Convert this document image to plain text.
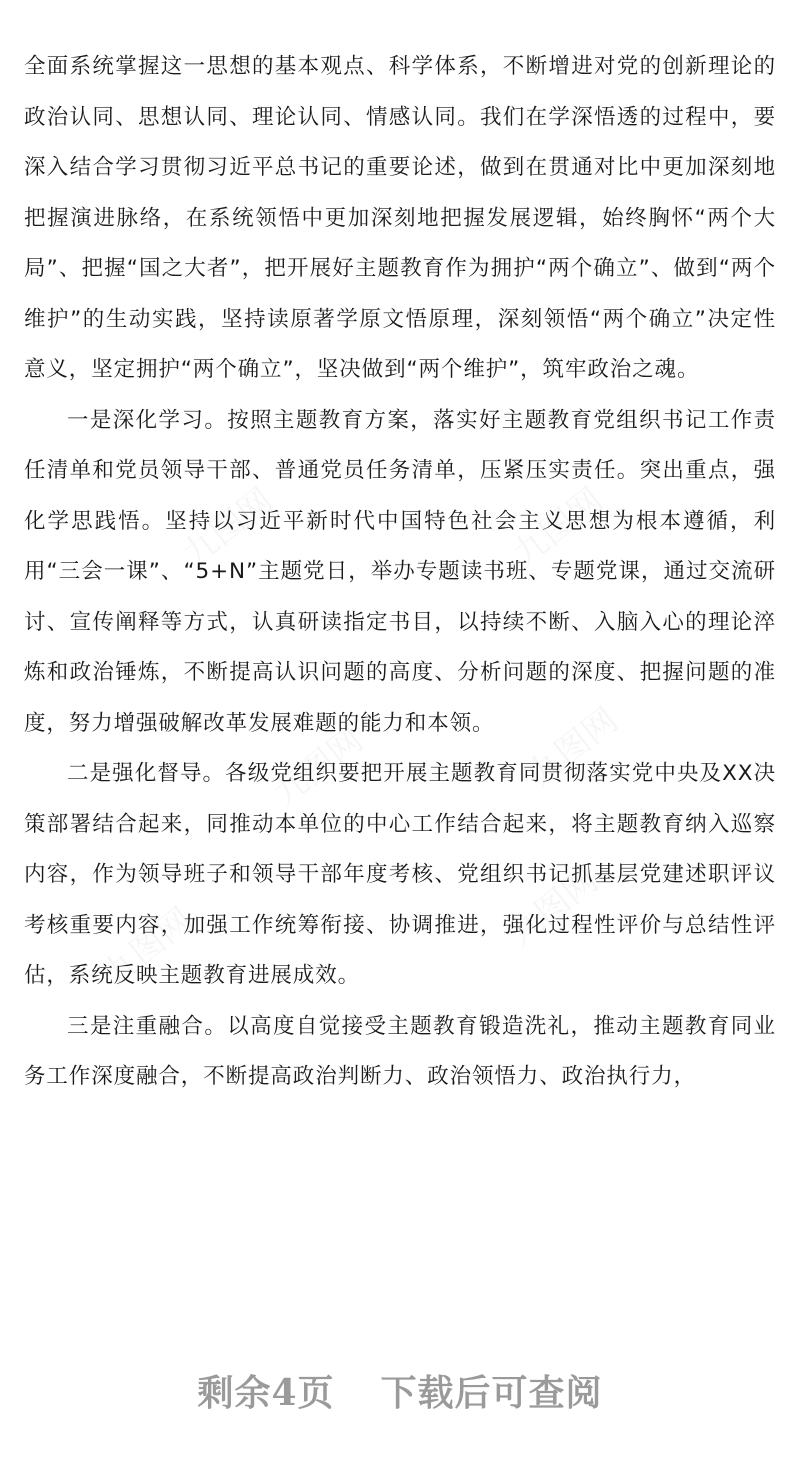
全面系统掌握这一思想的基本观点、科学体系，不断增进对党的创新理论的政治认同、思想认同、理论认同、情感认同。我们在学深悟透的过程中，要深入结合学习贯彻习近平总书记的重要论述，做到在贯通对比中更加深刻地把握演进脉络，在系统领悟中更加深刻地把握发展逻辑，始终胸怀“两个大局”、把握“国之大者”，把开展好主题教育作为拥护“两个确立”、做到“两个维护”的生动实践，坚持读原著学原文悟原理，深刻领悟“两个确立”决定性意义，坚定拥护“两个确立”，坚决做到“两个维护”，筑牢政治之魂。

一是深化学习。按照主题教育方案，落实好主题教育党组织书记工作责任清单和党员领导干部、普通党员任务清单，压紧压实责任。突出重点，强化学思践悟。坚持以习近平新时代中国特色社会主义思想为根本遵循，利用“三会一课”、“5+N”主题党日，举办专题读书班、专题党课，通过交流研讨、宣传阐释等方式，认真研读指定书目，以持续不断、入脑入心的理论淬炼和政治锤炼，不断提高认识问题的高度、分析问题的深度、把握问题的准度，努力增强破解改革发展难题的能力和本领。

二是强化督导。各级党组织要把开展主题教育同贯彻落实党中央及XX决策部署结合起来，同推动本单位的中心工作结合起来，将主题教育纳入巡察内容，作为领导班子和领导干部年度考核、党组织书记抓基层党建述职评议考核重要内容，加强工作统筹衔接、协调推进，强化过程性评价与总结性评估，系统反映主题教育进展成效。

三是注重融合。以高度自觉接受主题教育锻造洗礼，推动主题教育同业务工作深度融合，不断提高政治判断力、政治领悟力、政治执行力，

剩余4页 下载后可查阅
